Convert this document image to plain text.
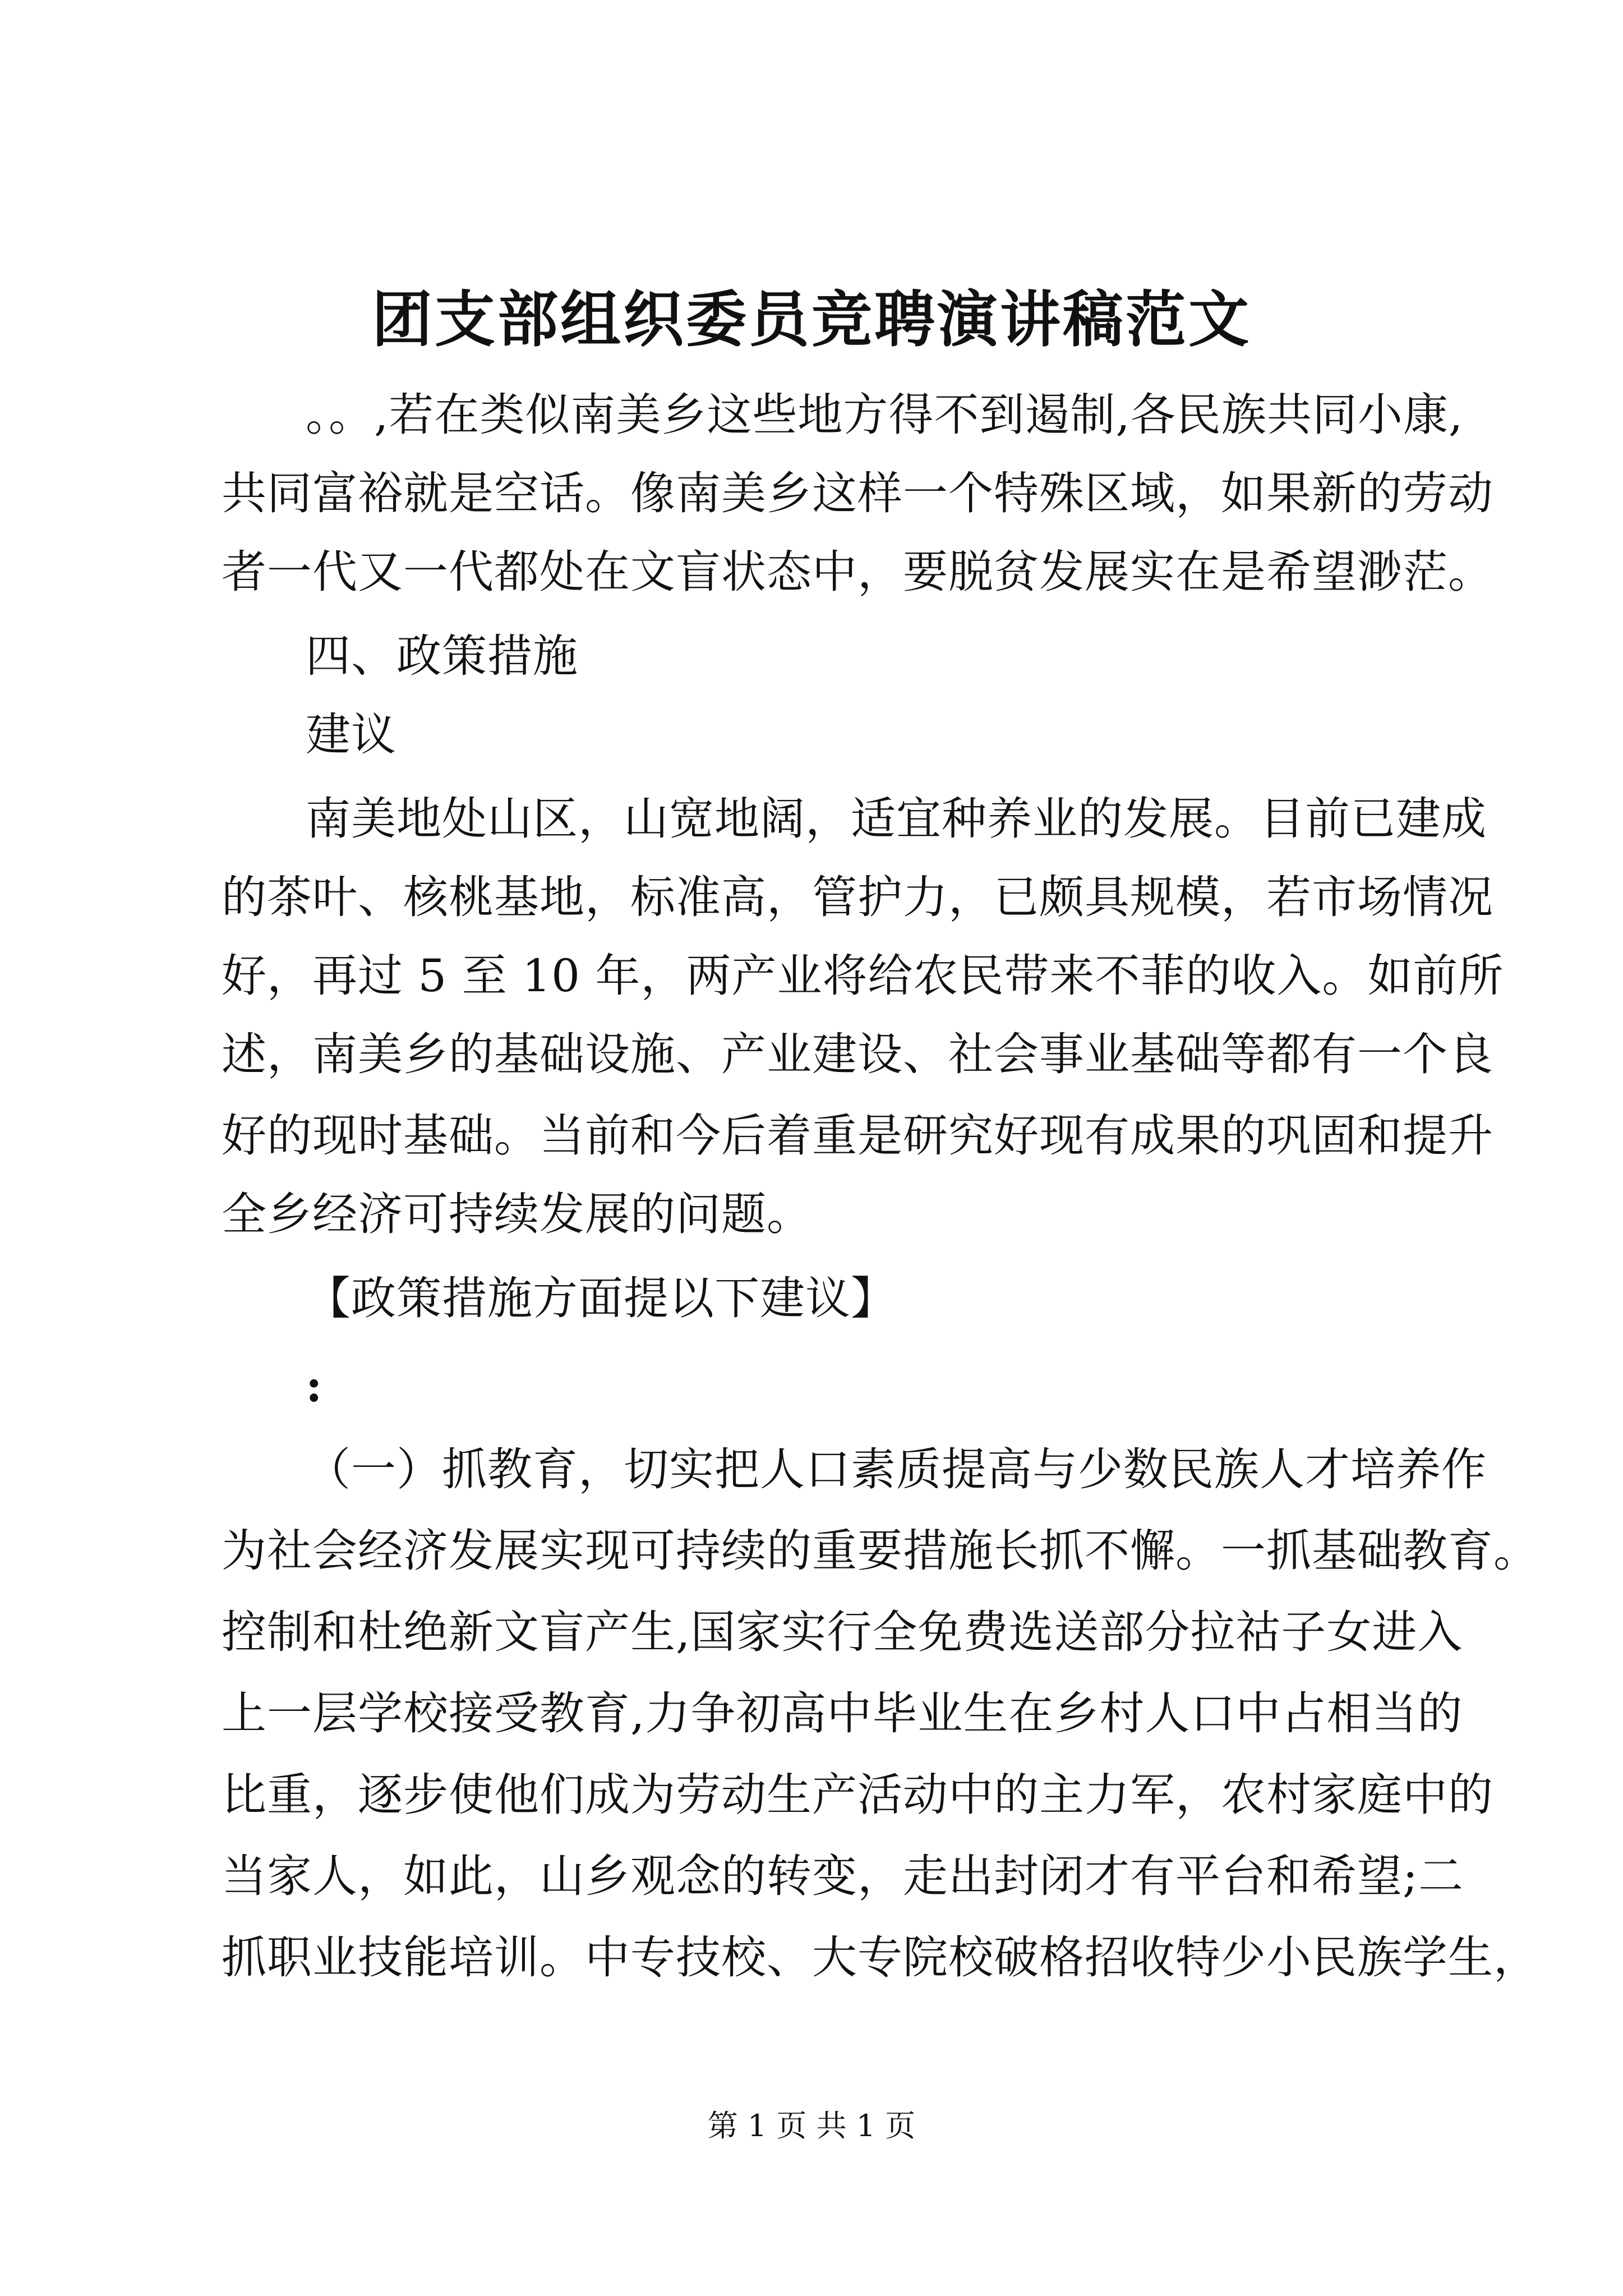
团支部组织委员竞聘演讲稿范文
。。,若在类似南美乡这些地方得不到遏制,各民族共同小康,
共同富裕就是空话。像南美乡这样一个特殊区域，如果新的劳动
者一代又一代都处在文盲状态中，要脱贫发展实在是希望渺茫。
四、政策措施
建议
南美地处山区，山宽地阔，适宜种养业的发展。目前已建成
的茶叶、核桃基地，标准高，管护力，已颇具规模，若市场情况
好，再过 5 至 10 年，两产业将给农民带来不菲的收入。如前所
述，南美乡的基础设施、产业建设、社会事业基础等都有一个良
好的现时基础。当前和今后着重是研究好现有成果的巩固和提升
全乡经济可持续发展的问题。
【政策措施方面提以下建议】
:
（一）抓教育，切实把人口素质提高与少数民族人才培养作
为社会经济发展实现可持续的重要措施长抓不懈。一抓基础教育。
控制和杜绝新文盲产生,国家实行全免费选送部分拉祜子女进入
上一层学校接受教育,力争初高中毕业生在乡村人口中占相当的
比重，逐步使他们成为劳动生产活动中的主力军，农村家庭中的
当家人，如此，山乡观念的转变，走出封闭才有平台和希望;二
抓职业技能培训。中专技校、大专院校破格招收特少小民族学生，
第 1 页 共 1 页
